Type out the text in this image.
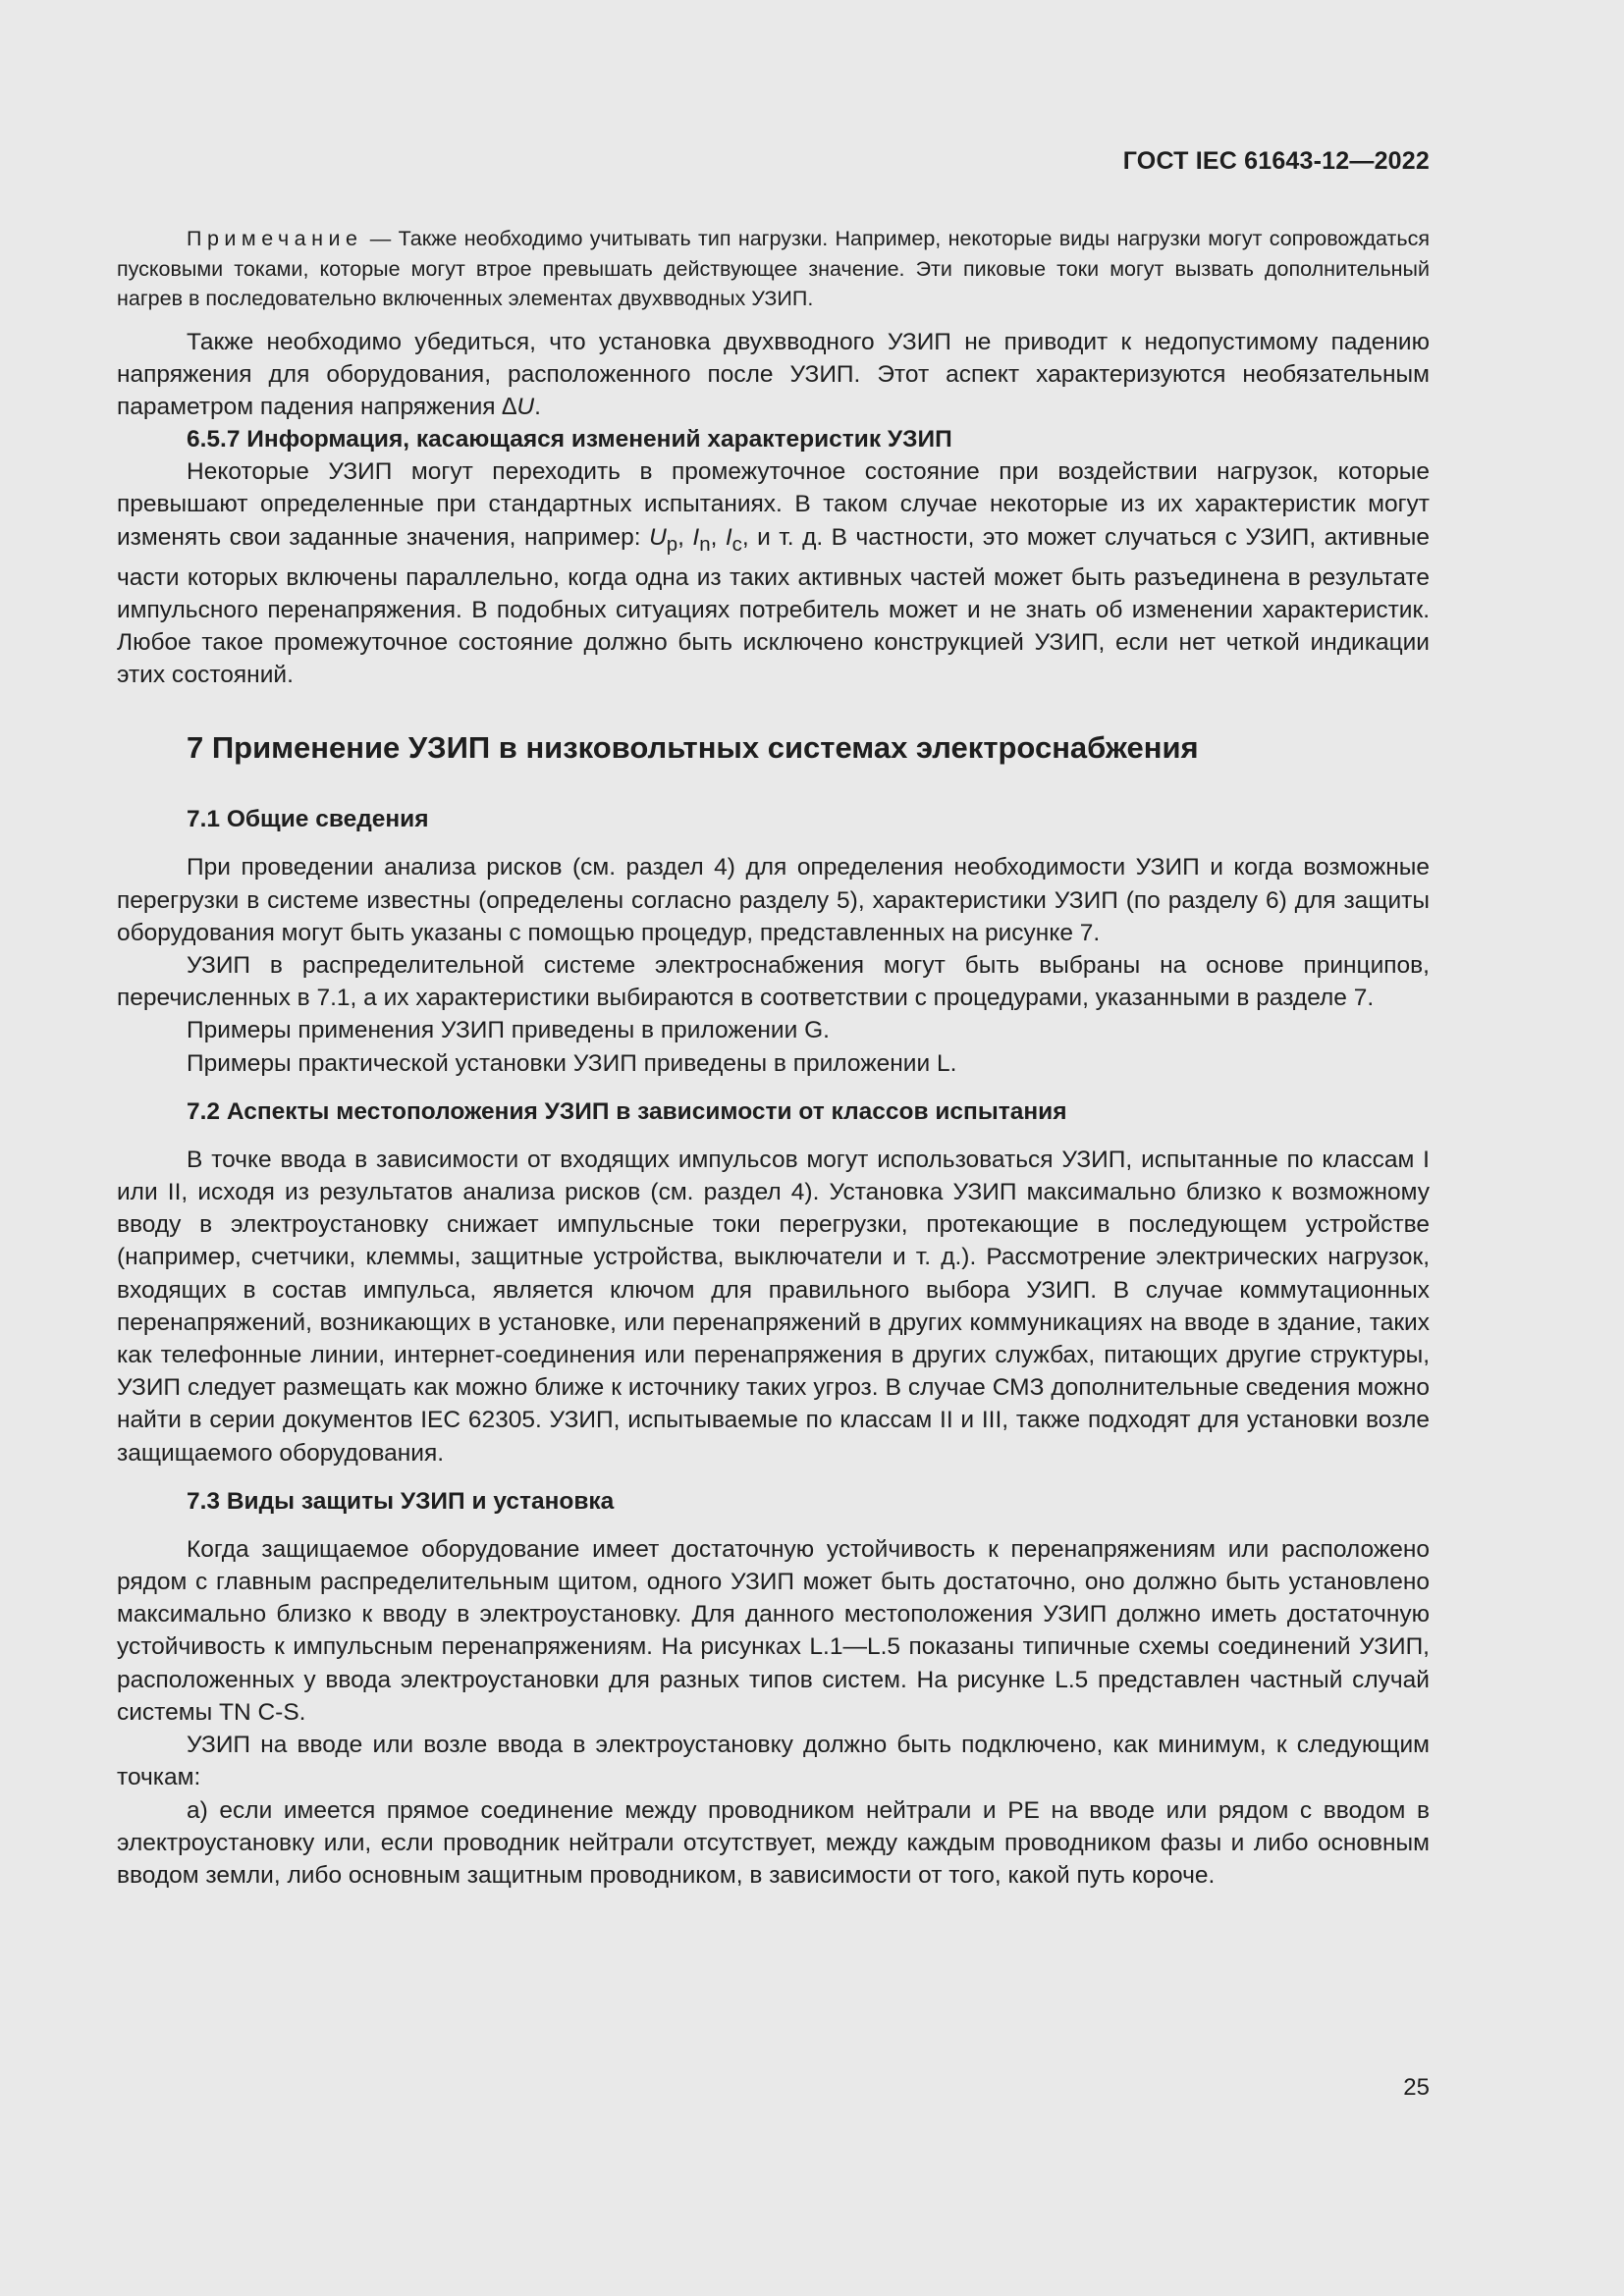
ГОСТ IEC 61643-12—2022

Примечание — Также необходимо учитывать тип нагрузки. Например, некоторые виды нагрузки могут сопровождаться пусковыми токами, которые могут втрое превышать действующее значение. Эти пиковые токи могут вызвать дополнительный нагрев в последовательно включенных элементах двухвводных УЗИП.

Также необходимо убедиться, что установка двухвводного УЗИП не приводит к недопустимому падению напряжения для оборудования, расположенного после УЗИП. Этот аспект характеризуются необязательным параметром падения напряжения ∆U.

6.5.7 Информация, касающаяся изменений характеристик УЗИП

Некоторые УЗИП могут переходить в промежуточное состояние при воздействии нагрузок, которые превышают определенные при стандартных испытаниях. В таком случае некоторые из их характеристик могут изменять свои заданные значения, например: $U_p$, $I_n$, $I_c$, и т. д. В частности, это может случаться с УЗИП, активные части которых включены параллельно, когда одна из таких активных частей может быть разъединена в результате импульсного перенапряжения. В подобных ситуациях потребитель может и не знать об изменении характеристик. Любое такое промежуточное состояние должно быть исключено конструкцией УЗИП, если нет четкой индикации этих состояний.

7 Применение УЗИП в низковольтных системах электроснабжения
7.1 Общие сведения

При проведении анализа рисков (см. раздел 4) для определения необходимости УЗИП и когда возможные перегрузки в системе известны (определены согласно разделу 5), характеристики УЗИП (по разделу 6) для защиты оборудования могут быть указаны с помощью процедур, представленных на рисунке 7.

УЗИП в распределительной системе электроснабжения могут быть выбраны на основе принципов, перечисленных в 7.1, а их характеристики выбираются в соответствии с процедурами, указанными в разделе 7.

Примеры применения УЗИП приведены в приложении G.

Примеры практической установки УЗИП приведены в приложении L.

7.2 Аспекты местоположения УЗИП в зависимости от классов испытания

В точке ввода в зависимости от входящих импульсов могут использоваться УЗИП, испытанные по классам I или II, исходя из результатов анализа рисков (см. раздел 4). Установка УЗИП максимально близко к возможному вводу в электроустановку снижает импульсные токи перегрузки, протекающие в последующем устройстве (например, счетчики, клеммы, защитные устройства, выключатели и т. д.). Рассмотрение электрических нагрузок, входящих в состав импульса, является ключом для правильного выбора УЗИП. В случае коммутационных перенапряжений, возникающих в установке, или перенапряжений в других коммуникациях на вводе в здание, таких как телефонные линии, интернет-соединения или перенапряжения в других службах, питающих другие структуры, УЗИП следует размещать как можно ближе к источнику таких угроз. В случае СМЗ дополнительные сведения можно найти в серии документов IEC 62305. УЗИП, испытываемые по классам II и III, также подходят для установки возле защищаемого оборудования.

7.3 Виды защиты УЗИП и установка

Когда защищаемое оборудование имеет достаточную устойчивость к перенапряжениям или расположено рядом с главным распределительным щитом, одного УЗИП может быть достаточно, оно должно быть установлено максимально близко к вводу в электроустановку. Для данного местоположения УЗИП должно иметь достаточную устойчивость к импульсным перенапряжениям. На рисунках L.1—L.5 показаны типичные схемы соединений УЗИП, расположенных у ввода электроустановки для разных типов систем. На рисунке L.5 представлен частный случай системы TN C-S.

УЗИП на вводе или возле ввода в электроустановку должно быть подключено, как минимум, к следующим точкам:

а) если имеется прямое соединение между проводником нейтрали и PE на вводе или рядом с вводом в электроустановку или, если проводник нейтрали отсутствует, между каждым проводником фазы и либо основным вводом земли, либо основным защитным проводником, в зависимости от того, какой путь короче.

25
